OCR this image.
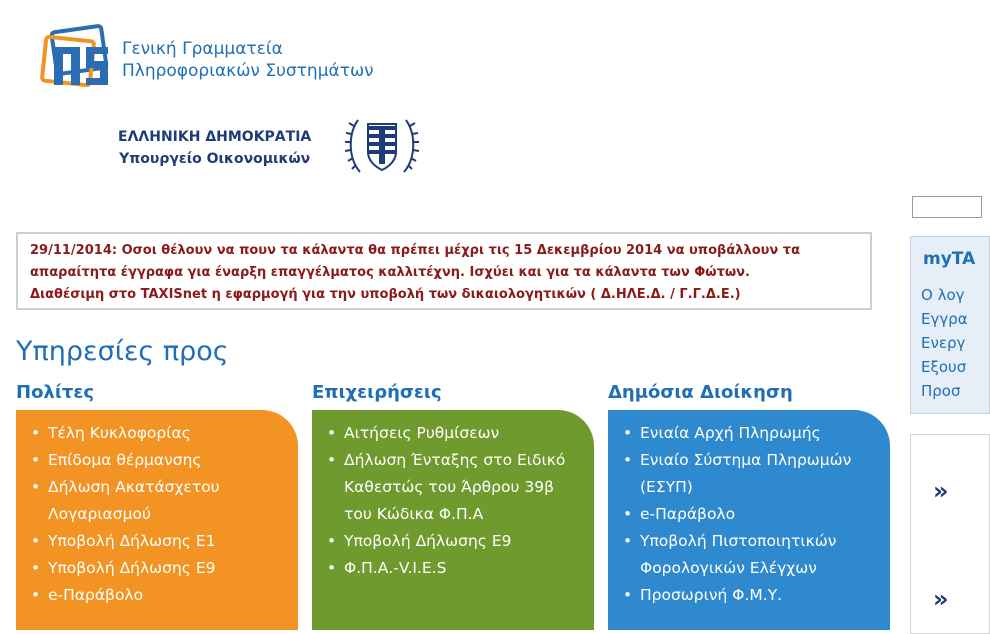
Γενική Γραμματεία
Πληροφοριακών Συστημάτων
ΕΛΛΗΝΙΚΗ ΔΗΜΟΚΡΑΤΙΑ
Υπουργείο Οικονομικών
myTA
Ο λογ
Εγγρα
Ενεργ
Εξουσ
Προσ
»
»
29/11/2014: Οσοι θέλουν να πουν τα κάλαντα θα πρέπει μέχρι τις 15 Δεκεμβρίου 2014 να υποβάλλουν τα
απαραίτητα έγγραφα για έναρξη επαγγέλματος καλλιτέχνη. Ισχύει και για τα κάλαντα των Φώτων.
Διαθέσιμη στο TAXISnet η εφαρμογή για την υποβολή των δικαιολογητικών ( Δ.ΗΛΕ.Δ. / Γ.Γ.Δ.Ε.)
Υπηρεσίες προς
Πολίτες
• Τέλη Κυκλοφορίας
• Επίδομα θέρμανσης
• Δήλωση Ακατάσχετου Λογαριασμού
• Υποβολή Δήλωσης Ε1
• Υποβολή Δήλωσης Ε9
• e-Παράβολο
Επιχειρήσεις
• Αιτήσεις Ρυθμίσεων
• Δήλωση Ένταξης στο Ειδικό Καθεστώς του Άρθρου 39β του Κώδικα Φ.Π.Α
• Υποβολή Δήλωσης Ε9
• Φ.Π.Α.-V.I.E.S
Δημόσια Διοίκηση
• Ενιαία Αρχή Πληρωμής
• Ενιαίο Σύστημα Πληρωμών (ΕΣΥΠ)
• e-Παράβολο
• Υποβολή Πιστοποιητικών Φορολογικών Ελέγχων
• Προσωρινή Φ.Μ.Υ.
